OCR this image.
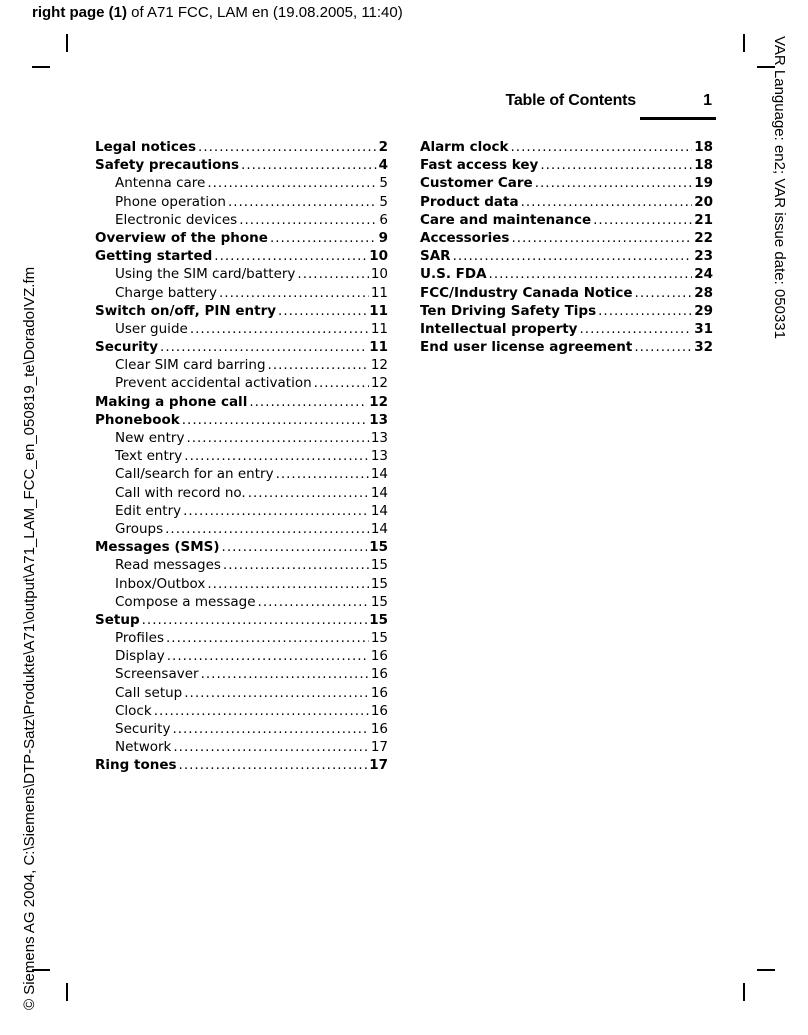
right page (1) of A71 FCC, LAM en (19.08.2005, 11:40)
© Siemens AG 2004, C:\Siemens\DTP-Satz\Produkte\A71\output\A71_LAM_FCC_en_050819_te\DoradoIVZ.fm
VAR Language: en2; VAR issue date: 050331
Table of Contents	1
Legal notices .....	2
Safety precautions .....	4
Antenna care .....	5
Phone operation .....	5
Electronic devices .....	6
Overview of the phone .....	9
Getting started .....	10
Using the SIM card/battery .....	10
Charge battery .....	11
Switch on/off, PIN entry .....	11
User guide .....	11
Security .....	11
Clear SIM card barring .....	12
Prevent accidental activation .....	12
Making a phone call .....	12
Phonebook .....	13
New entry .....	13
Text entry .....	13
Call/search for an entry .....	14
Call with record no. .....	14
Edit entry .....	14
Groups .....	14
Messages (SMS) .....	15
Read messages .....	15
Inbox/Outbox .....	15
Compose a message .....	15
Setup .....	15
Profiles .....	15
Display .....	16
Screensaver .....	16
Call setup .....	16
Clock .....	16
Security .....	16
Network .....	17
Ring tones .....	17
Alarm clock .....	18
Fast access key .....	18
Customer Care .....	19
Product data .....	20
Care and maintenance .....	21
Accessories .....	22
SAR .....	23
U.S. FDA .....	24
FCC/Industry Canada Notice .....	28
Ten Driving Safety Tips .....	29
Intellectual property .....	31
End user license agreement .....	32
